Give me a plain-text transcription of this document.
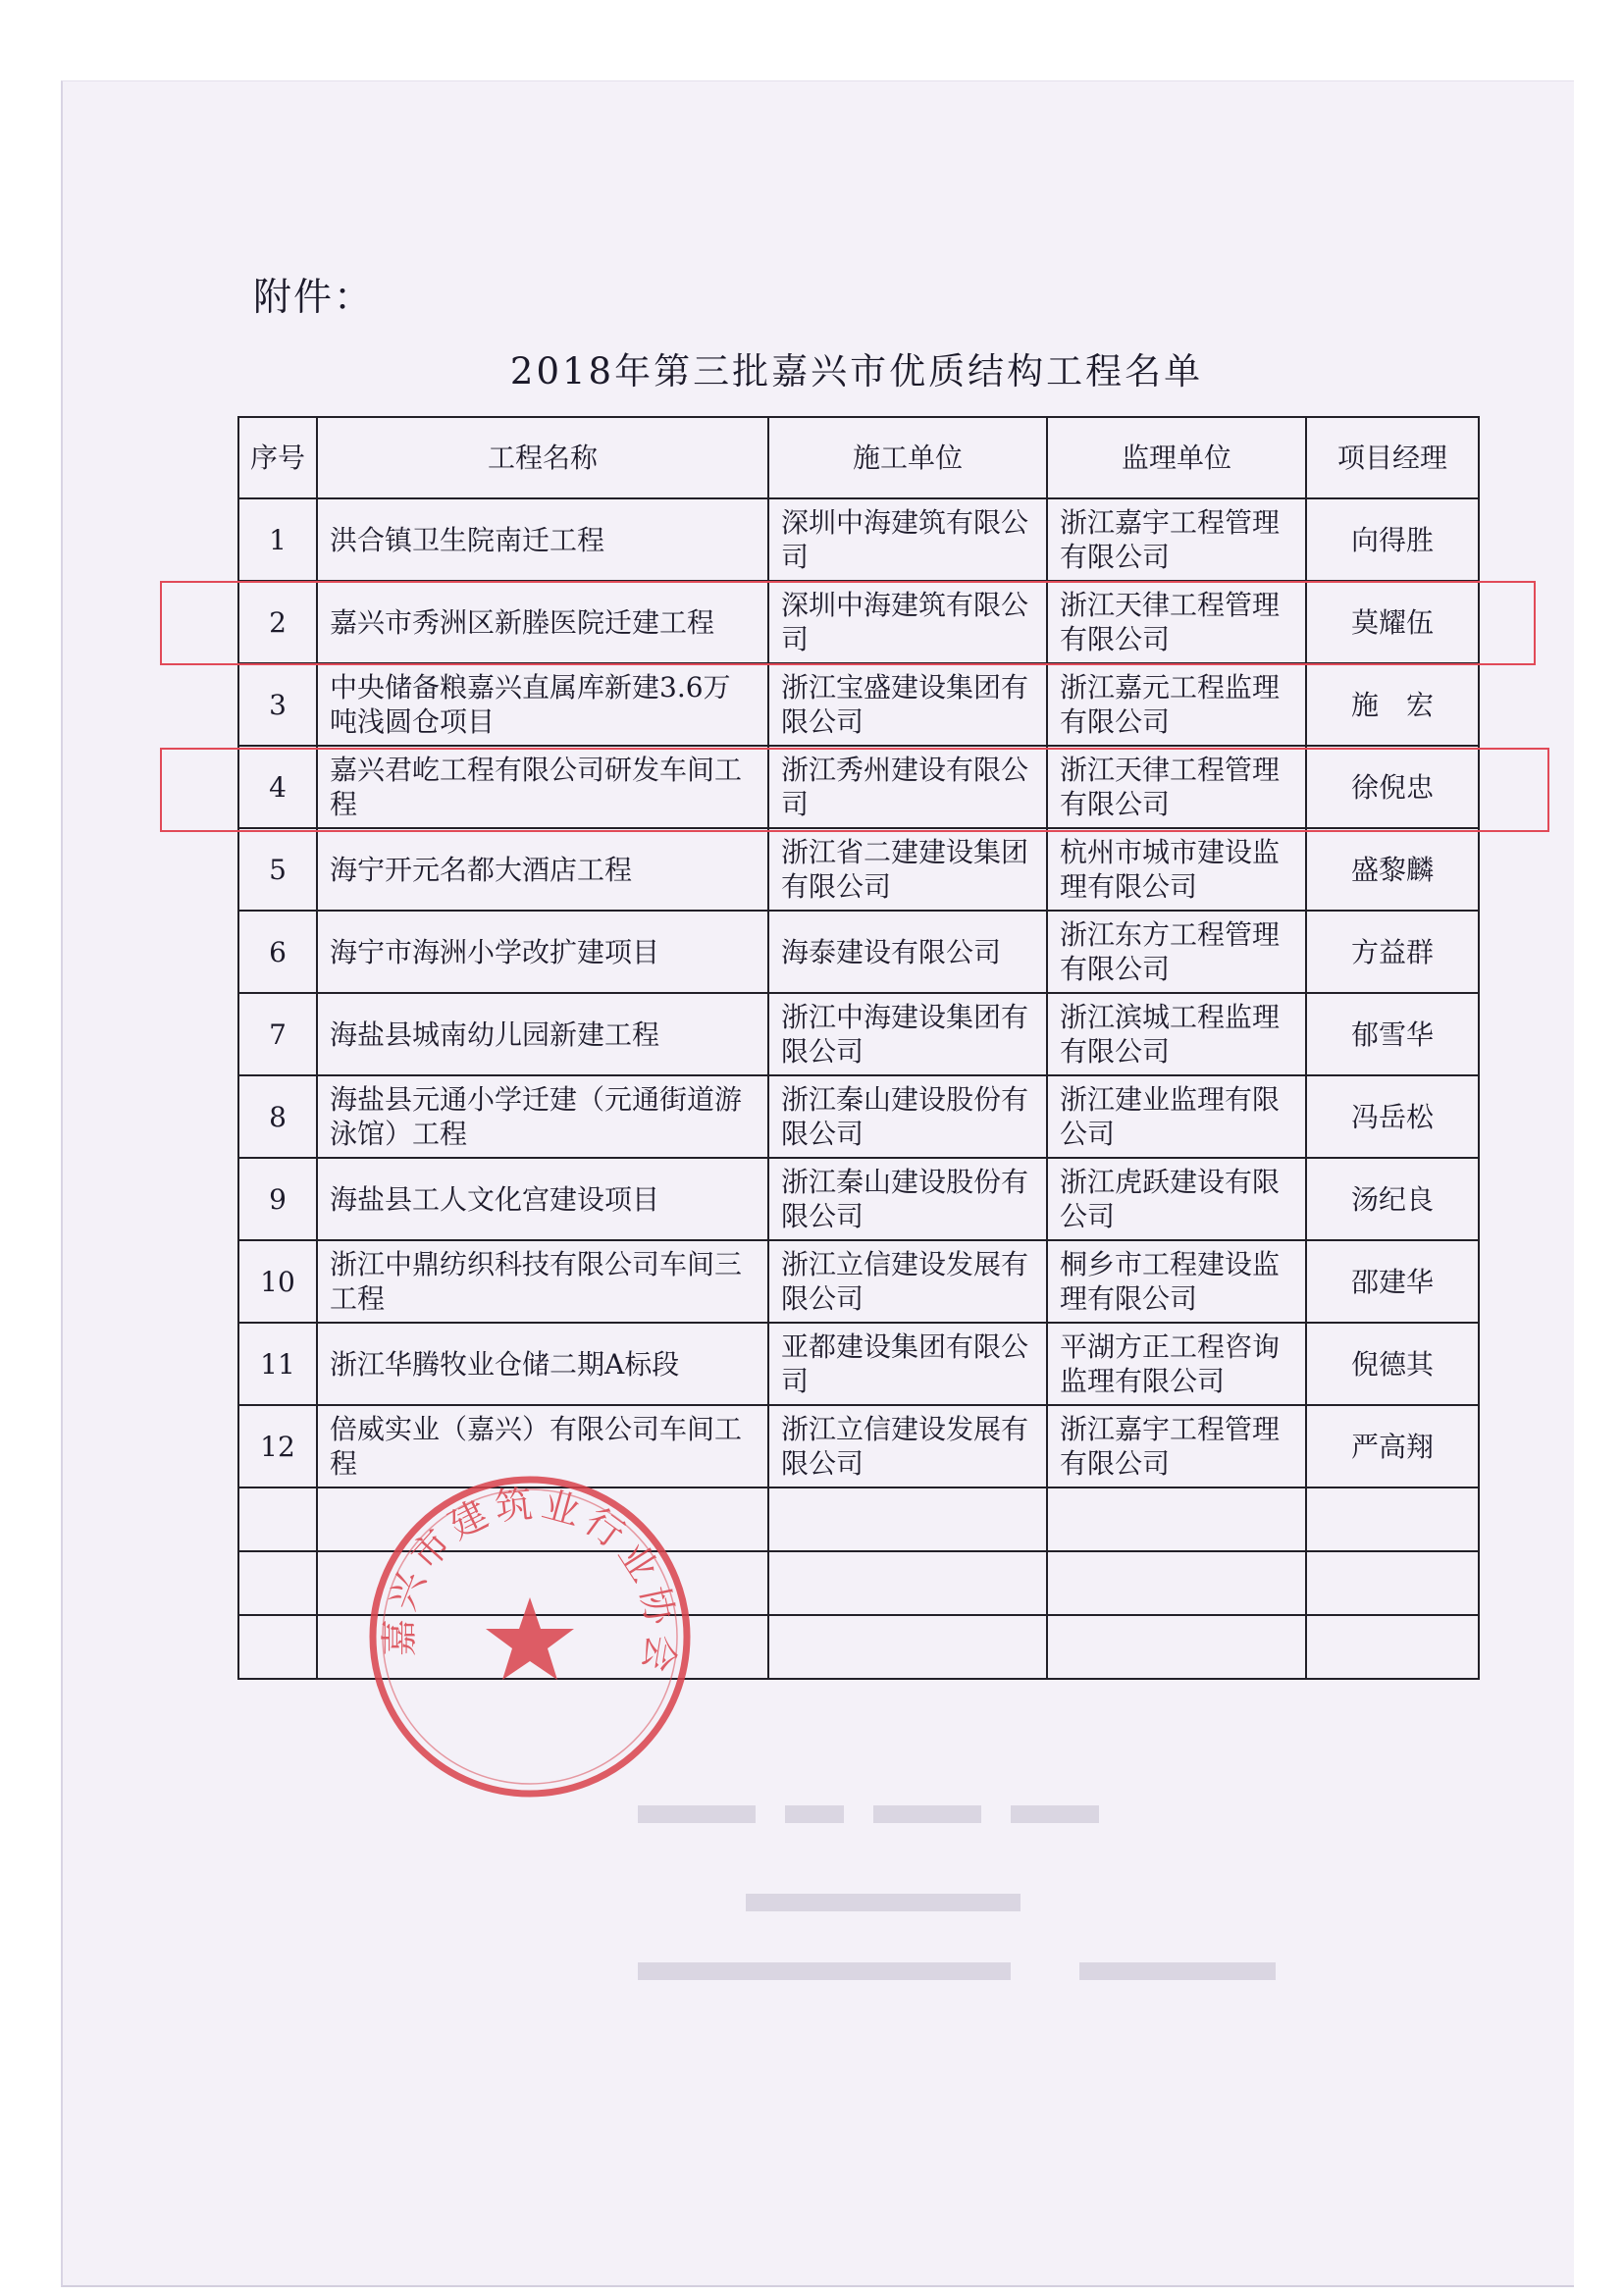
附件：
2018年第三批嘉兴市优质结构工程名单
序号	工程名称	施工单位	监理单位	项目经理
1	洪合镇卫生院南迁工程	深圳中海建筑有限公司	浙江嘉宇工程管理有限公司	向得胜
2	嘉兴市秀洲区新塍医院迁建工程	深圳中海建筑有限公司	浙江天律工程管理有限公司	莫耀伍
3	中央储备粮嘉兴直属库新建3.6万吨浅圆仓项目	浙江宝盛建设集团有限公司	浙江嘉元工程监理有限公司	施　宏
4	嘉兴君屹工程有限公司研发车间工程	浙江秀州建设有限公司	浙江天律工程管理有限公司	徐倪忠
5	海宁开元名都大酒店工程	浙江省二建建设集团有限公司	杭州市城市建设监理有限公司	盛黎麟
6	海宁市海洲小学改扩建项目	海泰建设有限公司	浙江东方工程管理有限公司	方益群
7	海盐县城南幼儿园新建工程	浙江中海建设集团有限公司	浙江滨城工程监理有限公司	郁雪华
8	海盐县元通小学迁建（元通街道游泳馆）工程	浙江秦山建设股份有限公司	浙江建业监理有限公司	冯岳松
9	海盐县工人文化宫建设项目	浙江秦山建设股份有限公司	浙江虎跃建设有限公司	汤纪良
10	浙江中鼎纺织科技有限公司车间三工程	浙江立信建设发展有限公司	桐乡市工程建设监理有限公司	邵建华
11	浙江华腾牧业仓储二期A标段	亚都建设集团有限公司	平湖方正工程咨询监理有限公司	倪德其
12	倍威实业（嘉兴）有限公司车间工程	浙江立信建设发展有限公司	浙江嘉宇工程管理有限公司	严高翔

嘉兴市建筑业行业协会
